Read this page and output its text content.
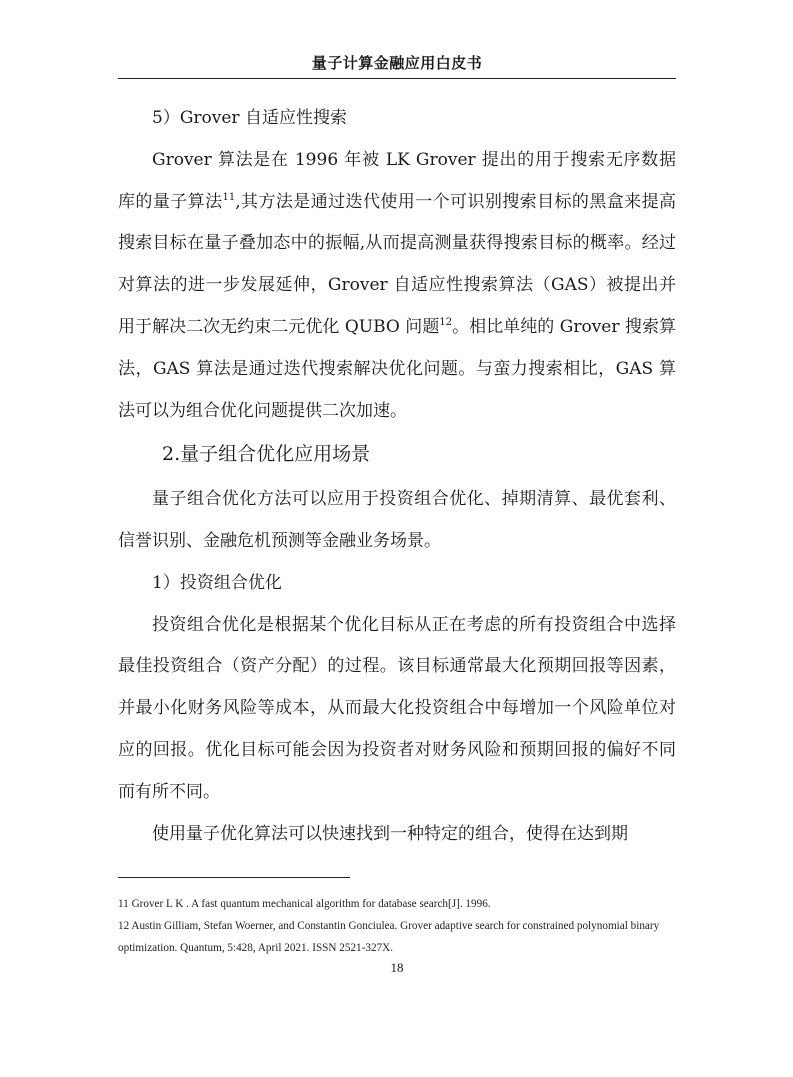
量子计算金融应用白皮书

5）Grover 自适应性搜索

Grover 算法是在 1996 年被 LK Grover 提出的用于搜索无序数据库的量子算法$^{11}$,其方法是通过迭代使用一个可识别搜索目标的黑盒来提高搜索目标在量子叠加态中的振幅,从而提高测量获得搜索目标的概率。经过对算法的进一步发展延伸，Grover 自适应性搜索算法（GAS）被提出并用于解决二次无约束二元优化 QUBO 问题$^{12}$。相比单纯的 Grover 搜索算法，GAS 算法是通过迭代搜索解决优化问题。与蛮力搜索相比，GAS 算法可以为组合优化问题提供二次加速。

2.量子组合优化应用场景

量子组合优化方法可以应用于投资组合优化、掉期清算、最优套利、信誉识别、金融危机预测等金融业务场景。

1）投资组合优化

投资组合优化是根据某个优化目标从正在考虑的所有投资组合中选择最佳投资组合（资产分配）的过程。该目标通常最大化预期回报等因素，并最小化财务风险等成本，从而最大化投资组合中每增加一个风险单位对应的回报。优化目标可能会因为投资者对财务风险和预期回报的偏好不同而有所不同。

使用量子优化算法可以快速找到一种特定的组合，使得在达到期

11 Grover L K . A fast quantum mechanical algorithm for database search[J]. 1996.

12 Austin Gilliam, Stefan Woerner, and Constantin Gonciulea. Grover adaptive search for constrained polynomial binary optimization. Quantum, 5:428, April 2021. ISSN 2521-327X.

18
